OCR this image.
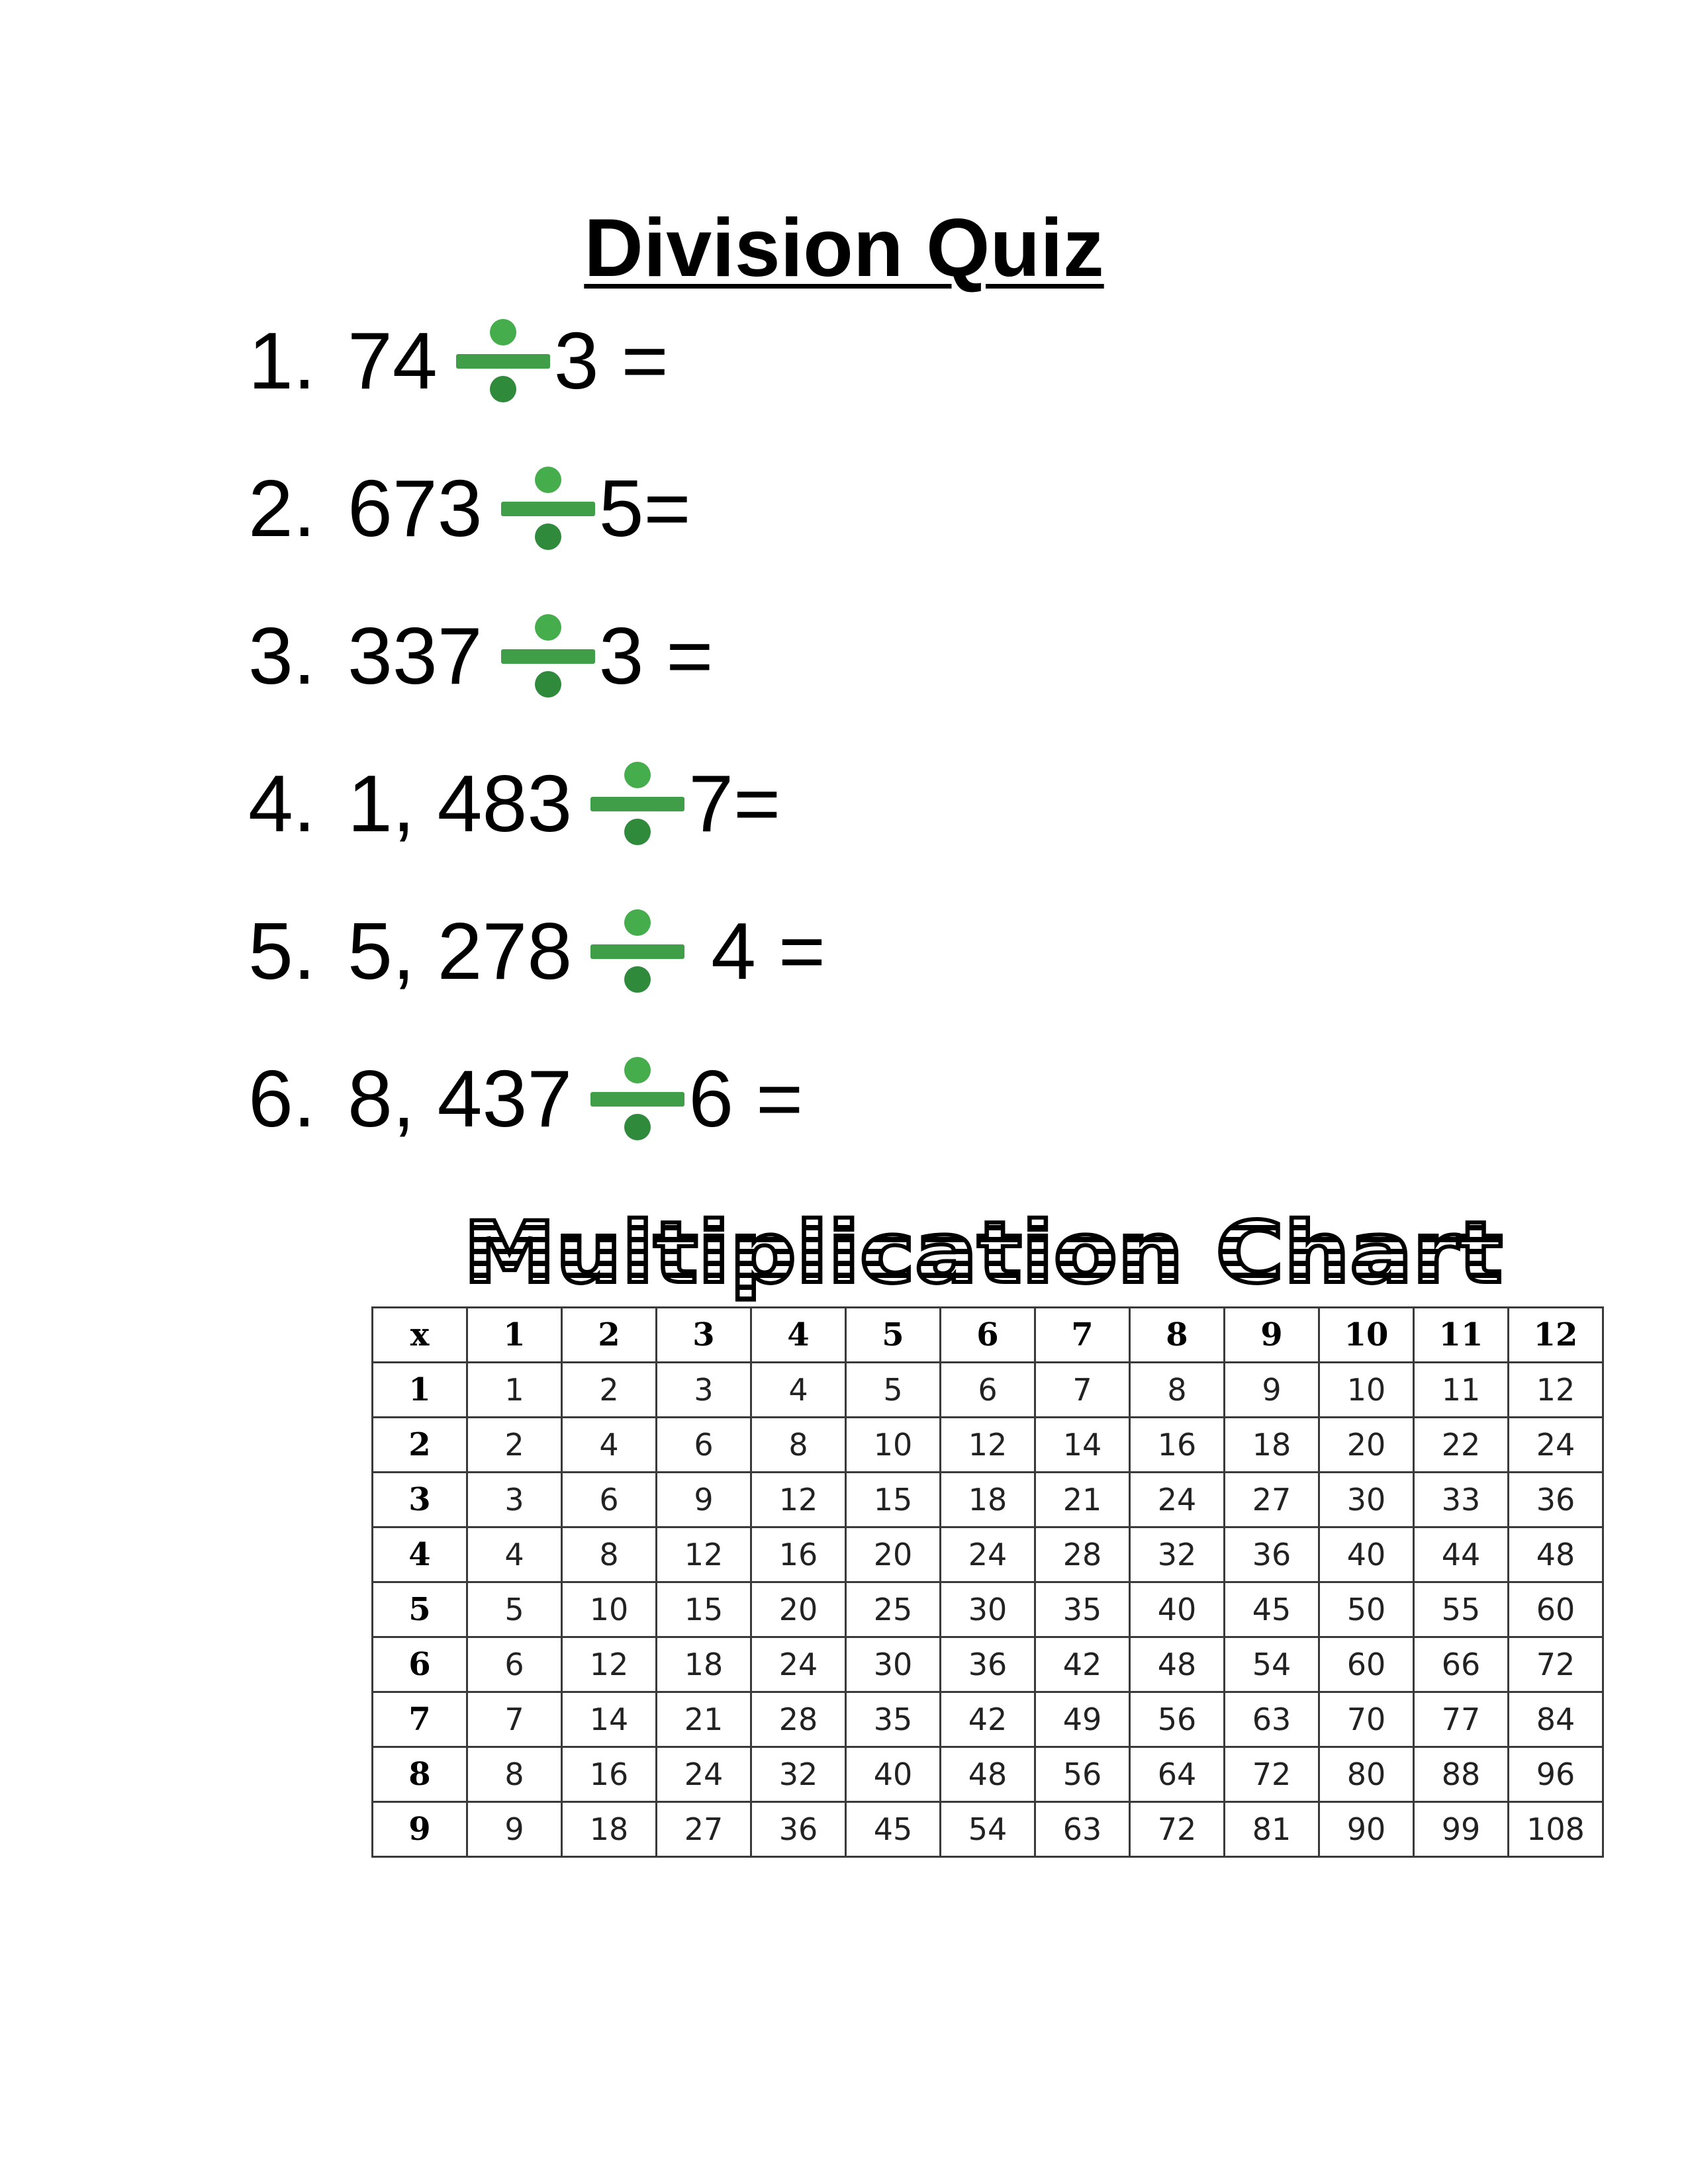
Division Quiz
1. 74 3 =
2. 673 5=
3. 337 3 =
4. 1, 483 7=
5. 5, 278 4 =
6. 8, 437 6 =
Multiplication Chart
x	1	2	3	4	5	6	7	8	9	10	11	12
1	1	2	3	4	5	6	7	8	9	10	11	12
2	2	4	6	8	10	12	14	16	18	20	22	24
3	3	6	9	12	15	18	21	24	27	30	33	36
4	4	8	12	16	20	24	28	32	36	40	44	48
5	5	10	15	20	25	30	35	40	45	50	55	60
6	6	12	18	24	30	36	42	48	54	60	66	72
7	7	14	21	28	35	42	49	56	63	70	77	84
8	8	16	24	32	40	48	56	64	72	80	88	96
9	9	18	27	36	45	54	63	72	81	90	99	108
